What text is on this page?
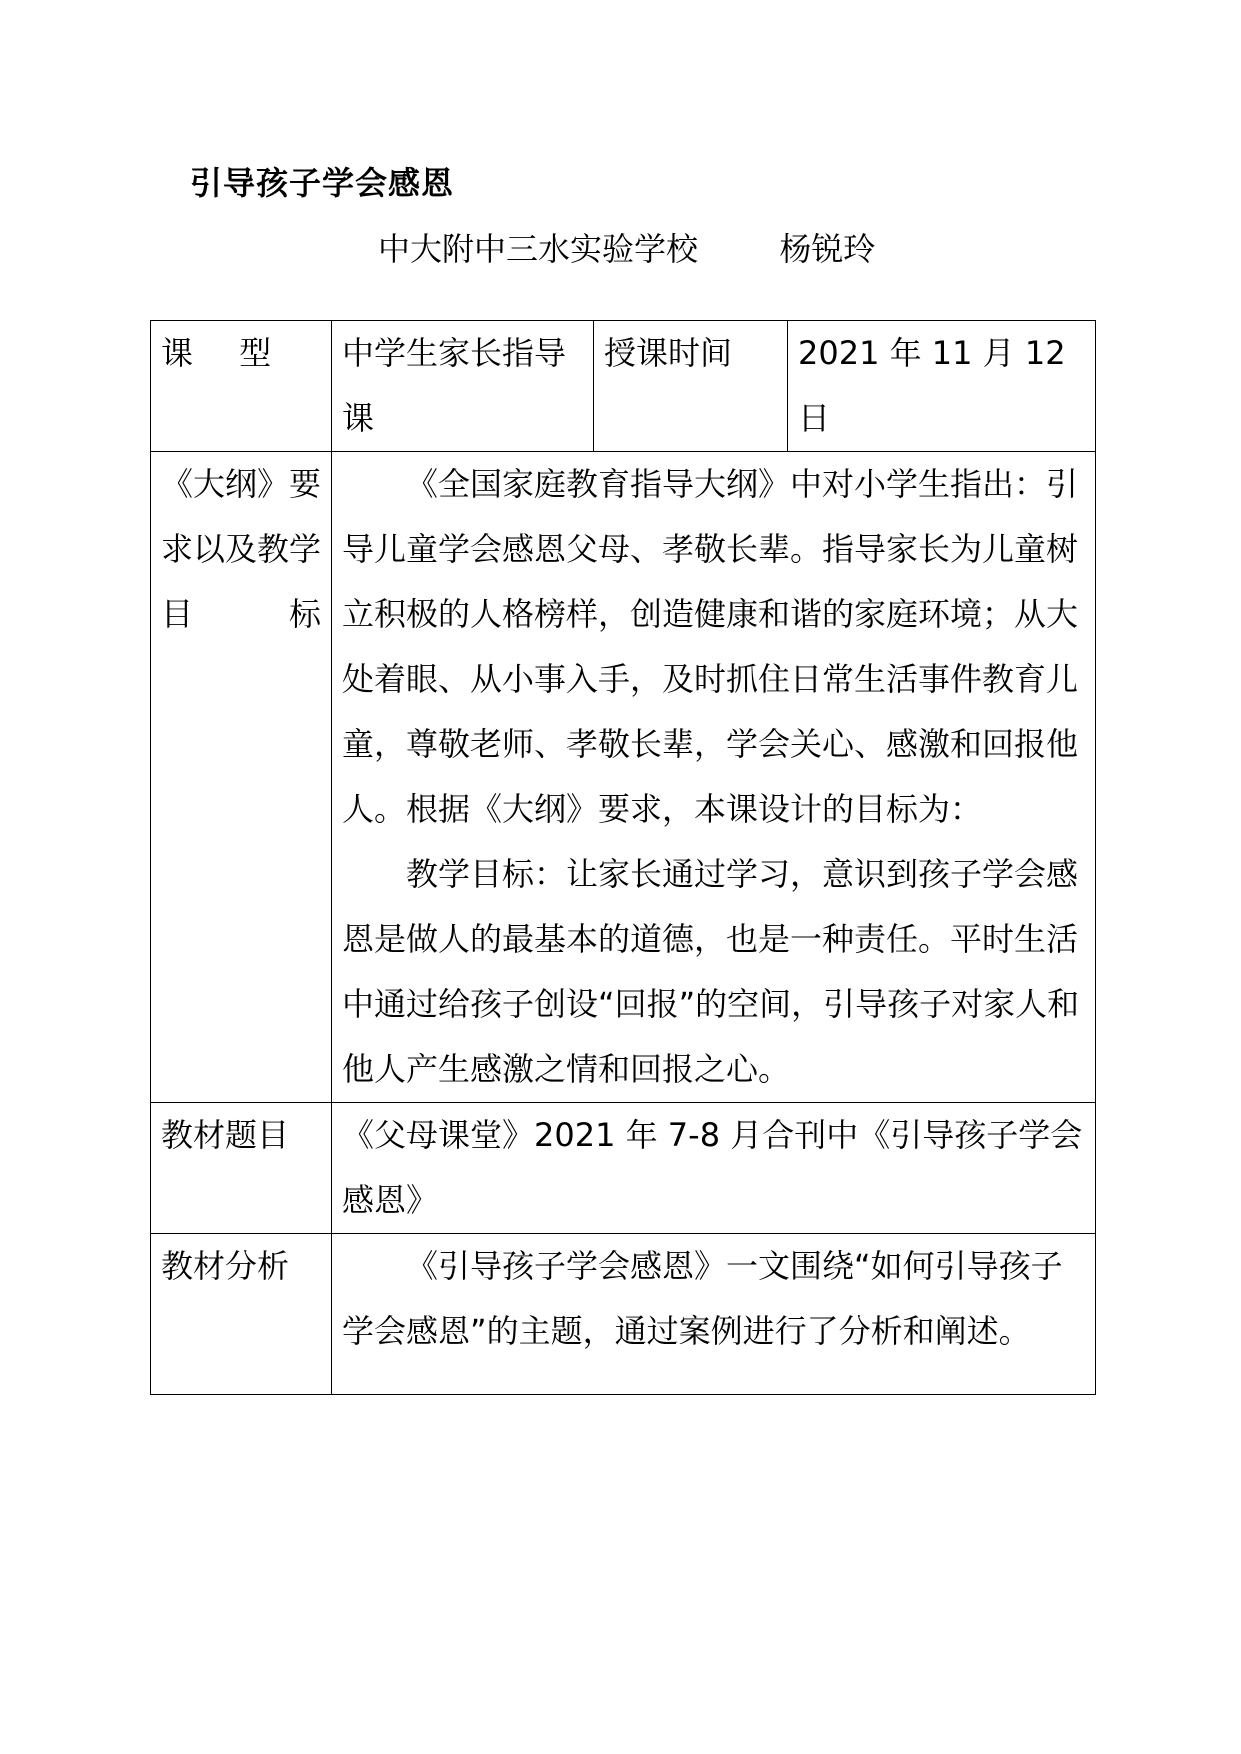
引导孩子学会感恩
中大附中三水实验学校	杨锐玲
课 型	中学生家长指导课	授课时间	2021 年 11 月 12 日

《大纲》要求以及教学目标	《全国家庭教育指导大纲》中对小学生指出：引导儿童学会感恩父母、孝敬长辈。指导家长为儿童树立积极的人格榜样，创造健康和谐的家庭环境；从大处着眼、从小事入手，及时抓住日常生活事件教育儿童，尊敬老师、孝敬长辈，学会关心、感激和回报他人。根据《大纲》要求，本课设计的目标为：

教学目标：让家长通过学习，意识到孩子学会感恩是做人的最基本的道德，也是一种责任。平时生活中通过给孩子创设“回报”的空间，引导孩子对家人和他人产生感激之情和回报之心。		

教材题目	《父母课堂》2021 年 7-8 月合刊中《引导孩子学会感恩》		
教材分析	《引导孩子学会感恩》一文围绕“如何引导孩子学会感恩”的主题，通过案例进行了分析和阐述。		
